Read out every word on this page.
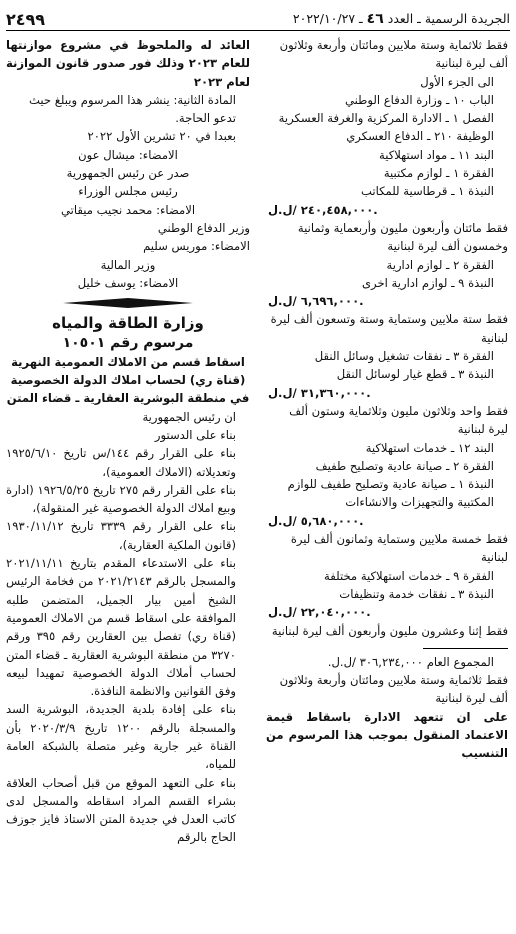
الجريدة الرسمية ـ العدد ٤٦ ـ ٢٠٢٢/١٠/٢٧
٢٤٩٩

فقط ثلاثماية وستة ملايين ومائتان وأربعة وثلاثون ألف ليرة لبنانية

الى الجزء الأول

الباب ١٠ ـ وزارة الدفاع الوطني

الفصل ١ ـ الادارة المركزية والغرفة العسكرية

الوظيفة ٢١٠ ـ الدفاع العسكري

البند ١١ ـ مواد استهلاكية

الفقرة ١ ـ لوازم مكتبية

النبذة ١ ـ قرطاسية للمكاتب

٢٤٠,٤٥٨,٠٠٠ /ل.ل.

فقط مائتان وأربعون مليون وأربعماية وثمانية وخمسون ألف ليرة لبنانية

الفقرة ٢ ـ لوازم ادارية

النبذة ٩ ـ لوازم ادارية اخرى

٦,٦٩٦,٠٠٠ /ل.ل.

فقط ستة ملايين وستماية وستة وتسعون ألف ليرة لبنانية

الفقرة ٣ ـ نفقات تشغيل وسائل النقل

النبذة ٣ ـ قطع غيار لوسائل النقل

٣١,٣٦٠,٠٠٠ /ل.ل.

فقط واحد وثلاثون مليون وثلاثماية وستون ألف ليرة لبنانية

البند ١٢ ـ خدمات استهلاكية

الفقرة ٢ ـ صيانة عادية وتصليح طفيف

النبذة ١ ـ صيانة عادية وتصليح طفيف للوازم المكتبية والتجهيزات والانشاءات

٥,٦٨٠,٠٠٠ /ل.ل.

فقط خمسة ملايين وستماية وثمانون ألف ليرة لبنانية

الفقرة ٩ ـ خدمات استهلاكية مختلفة

النبذة ٣ ـ نفقات خدمة وتنظيفات

٢٢,٠٤٠,٠٠٠ /ل.ل.

فقط إثنا وعشرون مليون وأربعون ألف ليرة لبنانية

المجموع العام ٣٠٦,٢٣٤,٠٠٠ /ل.ل.

فقط ثلاثماية وستة ملايين ومائتان وأربعة وثلاثون ألف ليرة لبنانية

على ان تتعهد الادارة باسقاط قيمة الاعتماد المنقول بموجب هذا المرسوم من التنسيب

العائد له والملحوظ في مشروع موازنتها للعام ٢٠٢٣ وذلك فور صدور قانون الموازنة لعام ٢٠٢٣

المادة الثانية: ينشر هذا المرسوم ويبلغ حيث تدعو الحاجة.

بعبدا في ٢٠ تشرين الأول ٢٠٢٢

الامضاء: ميشال عون

صدر عن رئيس الجمهورية

رئيس مجلس الوزراء

الامضاء: محمد نجيب ميقاتي

وزير الدفاع الوطني

الامضاء: موريس سليم

وزير المالية

الامضاء: يوسف خليل

وزارة الطاقة والمياه

مرسوم رقم ١٠٥٠١

اسقاط قسم من الاملاك العمومية النهرية (قناة ري) لحساب املاك الدولة الخصوصية في منطقة البوشرية العقارية ـ قضاء المتن

ان رئيس الجمهورية

بناء على الدستور

بناء على القرار رقم ١٤٤/س تاريخ ١٩٢٥/٦/١٠ وتعديلاته (الاملاك العمومية)،

بناء على القرار رقم ٢٧٥ تاريخ ١٩٢٦/٥/٢٥ (ادارة وبيع املاك الدولة الخصوصية غير المنقولة)،

بناء على القرار رقم ٣٣٣٩ تاريخ ١٩٣٠/١١/١٢ (قانون الملكية العقارية)،

بناء على الاستدعاء المقدم بتاريخ ٢٠٢١/١١/١١ والمسجل بالرقم ٢٠٢١/٢١٤٣ من فخامة الرئيس الشيخ أمين بيار الجميل، المتضمن طلبه الموافقة على اسقاط قسم من الاملاك العمومية (قناة ري) تفصل بين العقارين رقم ٣٩٥ ورقم ٣٢٧٠ من منطقة البوشرية العقارية ـ قضاء المتن لحساب أملاك الدولة الخصوصية تمهيدا لبيعه وفق القوانين والانظمة النافذة.

بناء على إفادة بلدية الجديدة، البوشرية السد والمسجلة بالرقم ١٢٠٠ تاريخ ٢٠٢٠/٣/٩ بأن القناة غير جارية وغير متصلة بالشبكة العامة للمياه،

بناء على التعهد الموقع من قبل أصحاب العلاقة بشراء القسم المراد اسقاطه والمسجل لدى كاتب العدل في جديدة المتن الاستاذ فايز جوزف الحاج بالرقم
